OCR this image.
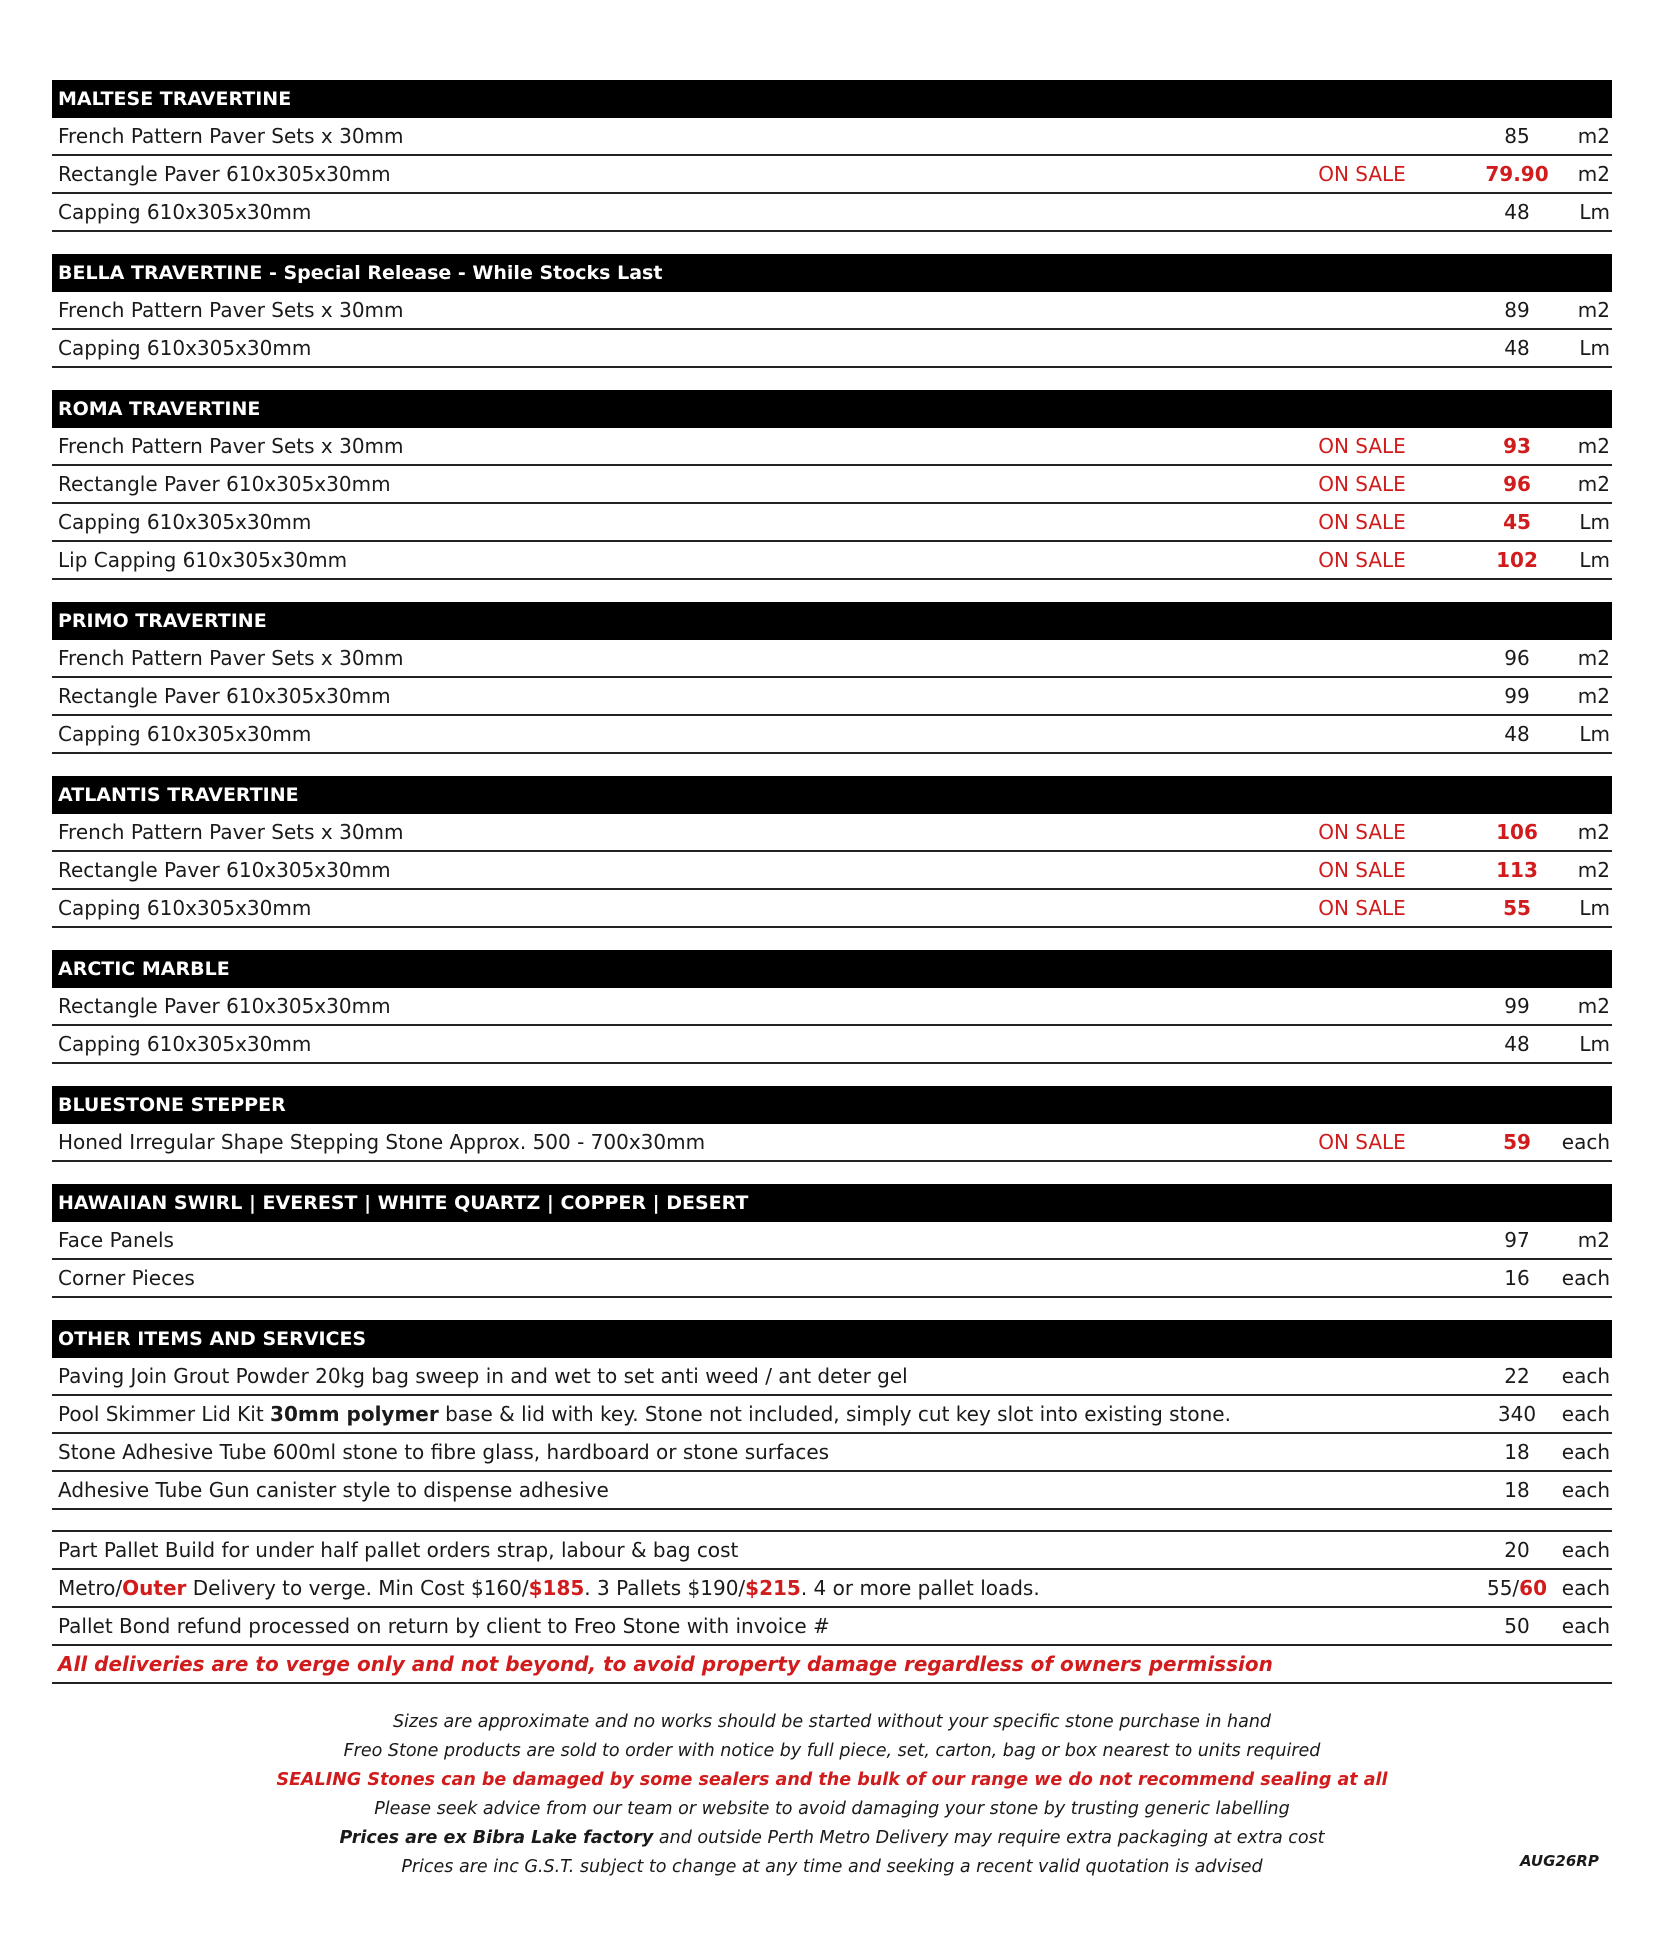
MALTESE TRAVERTINE
French Pattern Paver Sets x 30mm	85	m2
Rectangle Paver 610x305x30mm	ON SALE	79.90	m2
Capping 610x305x30mm	48	Lm
BELLA TRAVERTINE - Special Release - While Stocks Last
French Pattern Paver Sets x 30mm	89	m2
Capping 610x305x30mm	48	Lm
ROMA TRAVERTINE
French Pattern Paver Sets x 30mm	ON SALE	93	m2
Rectangle Paver 610x305x30mm	ON SALE	96	m2
Capping 610x305x30mm	ON SALE	45	Lm
Lip Capping 610x305x30mm	ON SALE	102	Lm
PRIMO TRAVERTINE
French Pattern Paver Sets x 30mm	96	m2
Rectangle Paver 610x305x30mm	99	m2
Capping 610x305x30mm	48	Lm
ATLANTIS TRAVERTINE
French Pattern Paver Sets x 30mm	ON SALE	106	m2
Rectangle Paver 610x305x30mm	ON SALE	113	m2
Capping 610x305x30mm	ON SALE	55	Lm
ARCTIC MARBLE
Rectangle Paver 610x305x30mm	99	m2
Capping 610x305x30mm	48	Lm
BLUESTONE STEPPER
Honed Irregular Shape Stepping Stone Approx. 500 - 700x30mm	ON SALE	59	each
HAWAIIAN SWIRL | EVEREST | WHITE QUARTZ | COPPER | DESERT
Face Panels	97	m2
Corner Pieces	16	each
OTHER ITEMS AND SERVICES
Paving Join Grout Powder 20kg bag sweep in and wet to set anti weed / ant deter gel	22	each
Pool Skimmer Lid Kit 30mm polymer base & lid with key. Stone not included, simply cut key slot into existing stone.	340	each
Stone Adhesive Tube 600ml stone to fibre glass, hardboard or stone surfaces	18	each
Adhesive Tube Gun canister style to dispense adhesive	18	each
Part Pallet Build for under half pallet orders strap, labour & bag cost	20	each
Metro/Outer Delivery to verge. Min Cost $160/$185. 3 Pallets $190/$215. 4 or more pallet loads.	55/60 each
Pallet Bond refund processed on return by client to Freo Stone with invoice #	50	each
All deliveries are to verge only and not beyond, to avoid property damage regardless of owners permission
Sizes are approximate and no works should be started without your specific stone purchase in hand
Freo Stone products are sold to order with notice by full piece, set, carton, bag or box nearest to units required
SEALING Stones can be damaged by some sealers and the bulk of our range we do not recommend sealing at all
Please seek advice from our team or website to avoid damaging your stone by trusting generic labelling
Prices are ex Bibra Lake factory and outside Perth Metro Delivery may require extra packaging at extra cost
Prices are inc G.S.T. subject to change at any time and seeking a recent valid quotation is advised	AUG26RP
